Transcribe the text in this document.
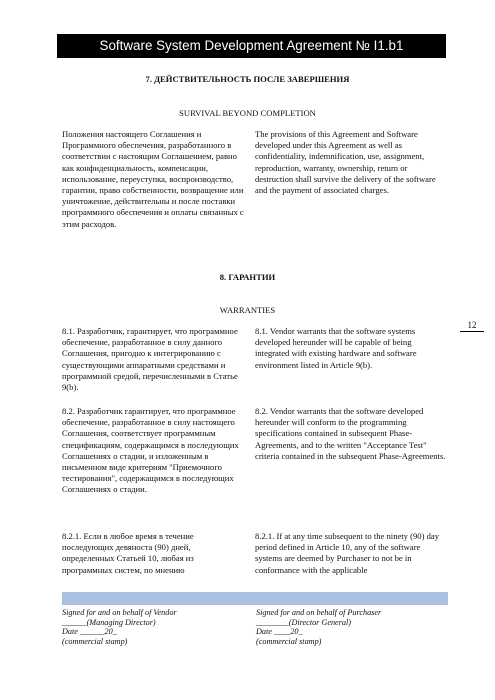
Software System Development Agreement № I1.b1
7. ДЕЙСТВИТЕЛЬНОСТЬ ПОСЛЕ ЗАВЕРШЕНИЯ
SURVIVAL BEYOND COMPLETION
Положения настоящего Соглашения и Программного обеспечения, разработанного в соответствии с настоящим Соглашением, равно как конфиденциальность, компенсации, использование, переуступка, воспроизводство, гарантии, право собственности, возвращение или уничтожение, действительны и после поставки программного обеспечения и оплаты связанных с этим расходов.
The provisions of this Agreement and Software developed under this Agreement as well as confidentiality, indemnification, use, assignment, reproduction, warranty, ownership, return or destruction shall survive the delivery of the software and the payment of associated charges.
8. ГАРАНТИИ
WARRANTIES
12
8.1. Разработчик, гарантирует, что программное обеспечение, разработанное в силу данного Соглашения, пригодно к интегрированию с существующими аппаратными средствами и программной средой, перечисленными в Статье 9(b).
8.1. Vendor warrants that the software systems developed hereunder will be capable of being integrated with existing hardware and software environment listed in Article 9(b).
8.2. Разработчик гарантирует, что программное обеспечение, разработанное в силу настоящего Соглашения, соответствует программным спецификациям, содержащимся в последующих Соглашениях о стадии, и изложенным в письменном виде критериям "Приемочного тестирования", содержащимся в последующих Соглашениях о стадии.
8.2. Vendor warrants that the software developed hereunder will conform to the programming specifications contained in subsequent Phase-Agreements, and to the written "Acceptance Test" criteria contained in the subsequent Phase-Agreements.
8.2.1. Если в любое время в течение последующих девяноста (90) дней, определенных Статьей 10, любая из программных систем, по мнению
8.2.1. If at any time subsequent to the ninety (90) day period defined in Article 10, any of the software systems are deemed by Purchaser to not be in conformance with the applicable
Signed for and on behalf of Vendor
______(Managing Director)
Date ______20_
(commercial stamp)
Signed for and on behalf of Purchaser
________(Director General)
Date ____20_
(commercial stamp)
